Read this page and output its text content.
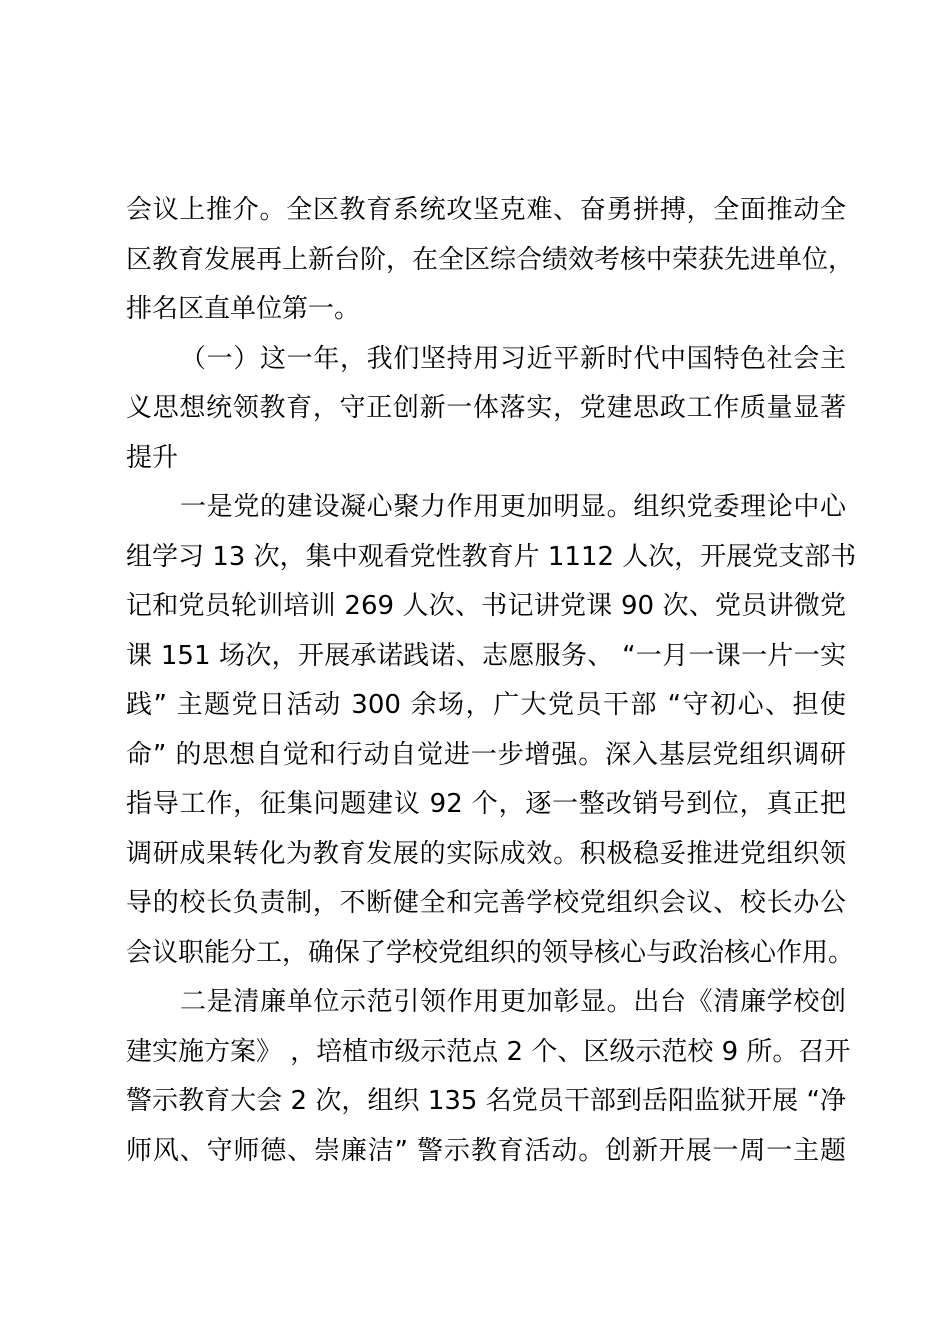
会议上推介。全区教育系统攻坚克难、奋勇拼搏，全面推动全
区教育发展再上新台阶，在全区综合绩效考核中荣获先进单位，
排名区直单位第一。
（一）这一年，我们坚持用习近平新时代中国特色社会主
义思想统领教育，守正创新一体落实，党建思政工作质量显著
提升
一是党的建设凝心聚力作用更加明显。组织党委理论中心
组学习 13 次，集中观看党性教育片 1112 人次，开展党支部书
记和党员轮训培训 269 人次、书记讲党课 90 次、党员讲微党
课 151 场次，开展承诺践诺、志愿服务、 “一月一课一片一实
践” 主题党日活动 300 余场，广大党员干部 “守初心、担使
命” 的思想自觉和行动自觉进一步增强。深入基层党组织调研
指导工作，征集问题建议 92 个，逐一整改销号到位，真正把
调研成果转化为教育发展的实际成效。积极稳妥推进党组织领
导的校长负责制，不断健全和完善学校党组织会议、校长办公
会议职能分工，确保了学校党组织的领导核心与政治核心作用。
二是清廉单位示范引领作用更加彰显。出台《清廉学校创
建实施方案》 ，培植市级示范点 2 个、区级示范校 9 所。召开
警示教育大会 2 次，组织 135 名党员干部到岳阳监狱开展 “净
师风、守师德、崇廉洁” 警示教育活动。创新开展一周一主题
